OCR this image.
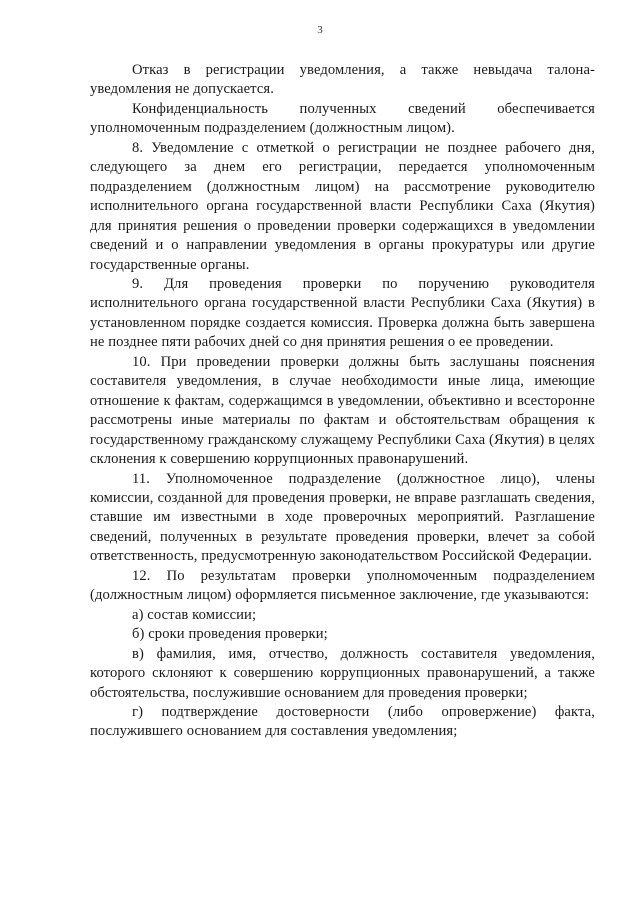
3

Отказ в регистрации уведомления, а также невыдача талона-уведомления не допускается.

Конфиденциальность полученных сведений обеспечивается уполномоченным подразделением (должностным лицом).

8. Уведомление с отметкой о регистрации не позднее рабочего дня, следующего за днем его регистрации, передается уполномоченным подразделением (должностным лицом) на рассмотрение руководителю исполнительного органа государственной власти Республики Саха (Якутия) для принятия решения о проведении проверки содержащихся в уведомлении сведений и о направлении уведомления в органы прокуратуры или другие государственные органы.

9. Для проведения проверки по поручению руководителя исполнительного органа государственной власти Республики Саха (Якутия) в установленном порядке создается комиссия. Проверка должна быть завершена не позднее пяти рабочих дней со дня принятия решения о ее проведении.

10. При проведении проверки должны быть заслушаны пояснения составителя уведомления, в случае необходимости иные лица, имеющие отношение к фактам, содержащимся в уведомлении, объективно и всесторонне рассмотрены иные материалы по фактам и обстоятельствам обращения к государственному гражданскому служащему Республики Саха (Якутия) в целях склонения к совершению коррупционных правонарушений.

11. Уполномоченное подразделение (должностное лицо), члены комиссии, созданной для проведения проверки, не вправе разглашать сведения, ставшие им известными в ходе проверочных мероприятий. Разглашение сведений, полученных в результате проведения проверки, влечет за собой ответственность, предусмотренную законодательством Российской Федерации.

12. По результатам проверки уполномоченным подразделением (должностным лицом) оформляется письменное заключение, где указываются:

а) состав комиссии;

б) сроки проведения проверки;

в) фамилия, имя, отчество, должность составителя уведомления, которого склоняют к совершению коррупционных правонарушений, а также обстоятельства, послужившие основанием для проведения проверки;

г) подтверждение достоверности (либо опровержение) факта, послужившего основанием для составления уведомления;
